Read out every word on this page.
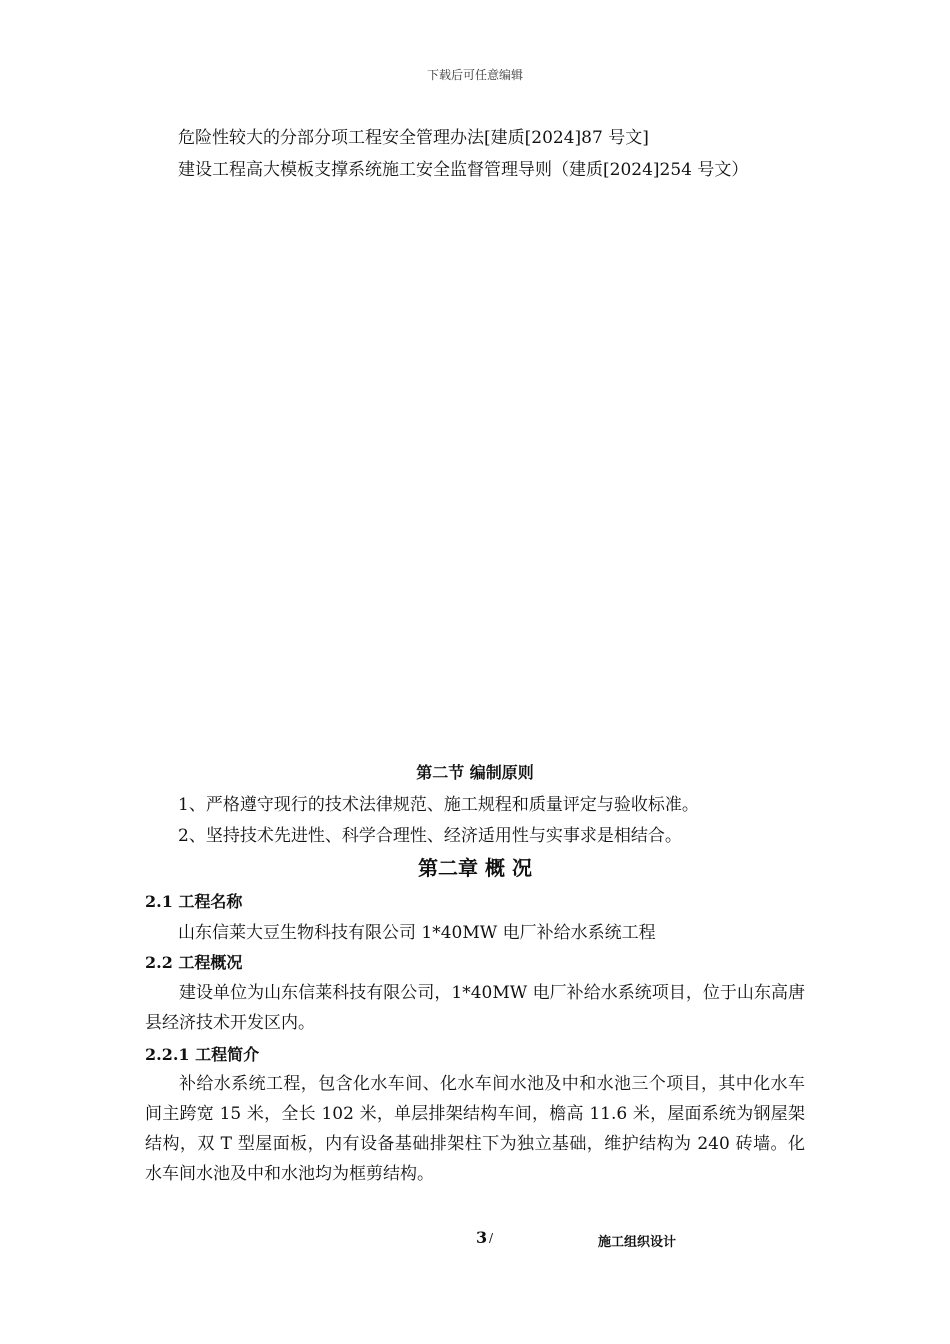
下载后可任意编辑
危险性较大的分部分项工程安全管理办法[建质[2024]87 号文]
建设工程高大模板支撑系统施工安全监督管理导则（建质[2024]254 号文）
第二节 编制原则
1、严格遵守现行的技术法律规范、施工规程和质量评定与验收标准。
2、坚持技术先进性、科学合理性、经济适用性与实事求是相结合。
第二章 概 况
2.1 工程名称
山东信莱大豆生物科技有限公司 1*40MW 电厂补给水系统工程
2.2 工程概况
建设单位为山东信莱科技有限公司，1*40MW 电厂补给水系统项目，位于山东高唐县经济技术开发区内。
2.2.1 工程简介
补给水系统工程，包含化水车间、化水车间水池及中和水池三个项目，其中化水车间主跨宽 15 米，全长 102 米，单层排架结构车间，檐高 11.6 米，屋面系统为钢屋架结构，双 T 型屋面板，内有设备基础排架柱下为独立基础，维护结构为 240 砖墙。化水车间水池及中和水池均为框剪结构。
3 /	施工组织设计
